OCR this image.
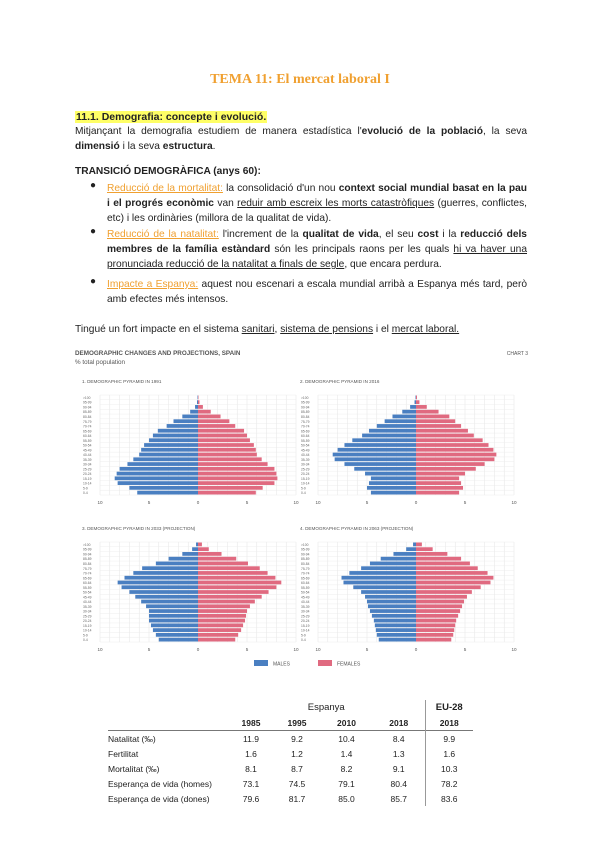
TEMA 11: El mercat laboral I
11.1. Demografia: concepte i evolució.
Mitjançant la demografia estudiem de manera estadística l'evolució de la població, la seva dimensió i la seva estructura.
TRANSICIÓ DEMOGRÀFICA (anys 60):
● Reducció de la mortalitat: la consolidació d'un nou context social mundial basat en la pau i el progrés econòmic van reduir amb escreix les morts catastròfiques (guerres, conflictes, etc) i les ordinàries (millora de la qualitat de vida).
● Reducció de la natalitat: l'increment de la qualitat de vida, el seu cost i la reducció dels membres de la família estàndard són les principals raons per les quals hi va haver una pronunciada reducció de la natalitat a finals de segle, que encara perdura.
● Impacte a Espanya: aquest nou escenari a escala mundial arribà a Espanya més tard, però amb efectes més intensos.
Tingué un fort impacte en el sistema sanitari, sistema de pensions i el mercat laboral.
DEMOGRAPHIC CHANGES AND PROJECTIONS, SPAIN
% total population
CHART 3
1. DEMOGRAPHIC PYRAMID IN 1991
0-4
5-9
10-14
15-19
20-24
25-29
30-34
35-39
40-44
45-49
50-54
55-59
60-64
65-69
70-74
75-79
80-84
85-89
90-94
95-99
>100
10	5	0	5	10
2. DEMOGRAPHIC PYRAMID IN 2016
0-4
5-9
10-14
15-19
20-24
25-29
30-34
35-39
40-44
45-49
50-54
55-59
60-64
65-69
70-74
75-79
80-84
85-89
90-94
95-99
>100
10	5	0	5	10
3. DEMOGRAPHIC PYRAMID IN 2033 (PROJECTION)
0-4
5-9
10-14
15-19
20-24
25-29
30-34
35-39
40-44
45-49
50-54
55-59
60-64
65-69
70-74
75-79
80-84
85-89
90-94
95-99
>100
10	5	0	5	10
4. DEMOGRAPHIC PYRAMID IN 2063 (PROJECTION)
0-4
5-9
10-14
15-19
20-24
25-29
30-34
35-39
40-44
45-49
50-54
55-59
60-64
65-69
70-74
75-79
80-84
85-89
90-94
95-99
>100
10	5	0	5	10
MALES	FEMALES
	Espanya				EU-28
	1985	1995	2010	2018	2018
Natalitat (‰)	11.9	9.2	10.4	8.4	9.9
Fertilitat	1.6	1.2	1.4	1.3	1.6
Mortalitat (‰)	8.1	8.7	8.2	9.1	10.3
Esperança de vida (homes)	73.1	74.5	79.1	80.4	78.2
Esperança de vida (dones)	79.6	81.7	85.0	85.7	83.6
